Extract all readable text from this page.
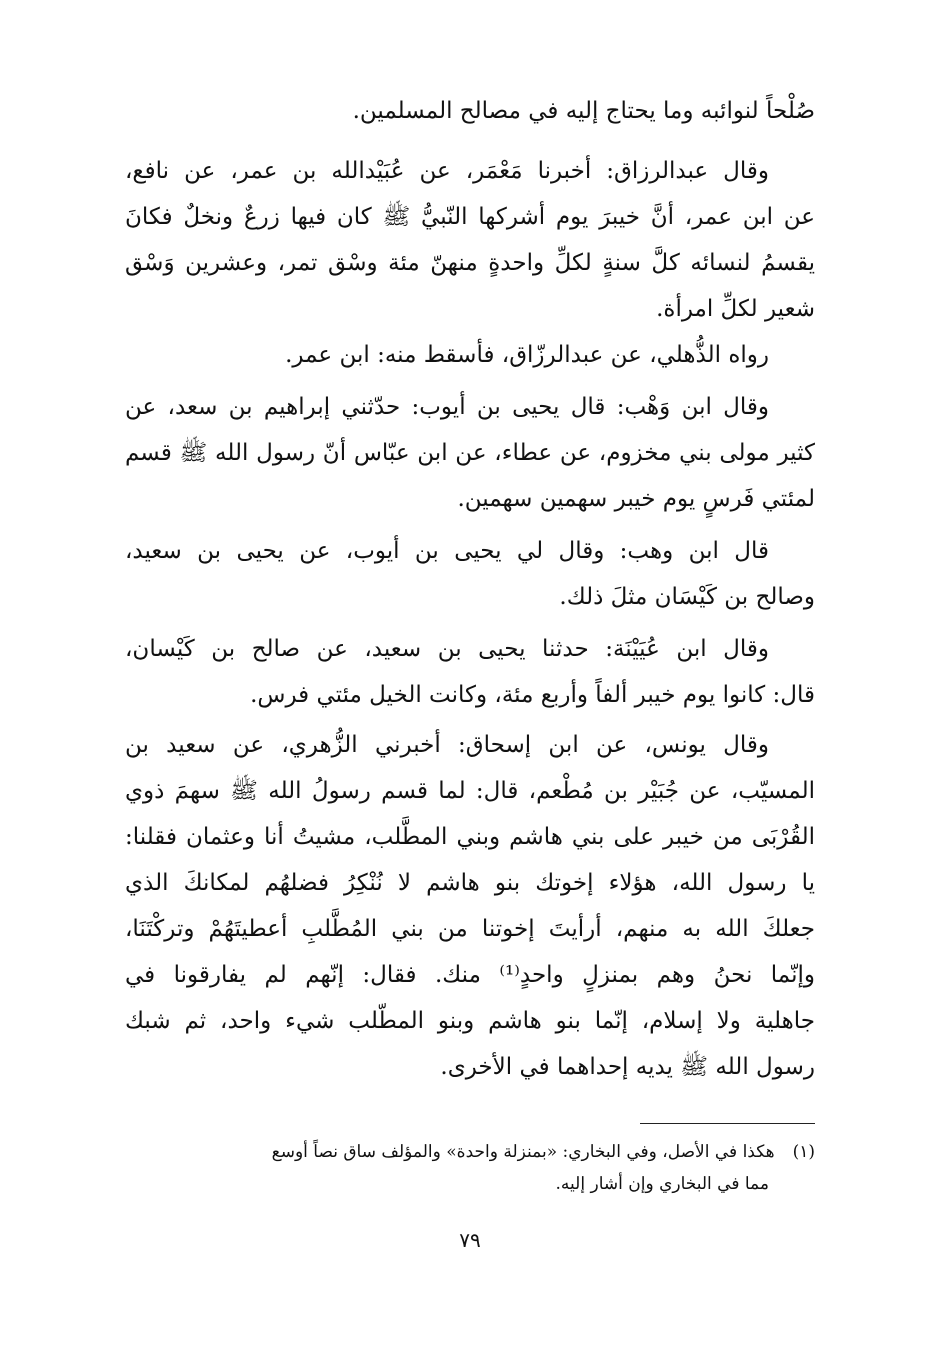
صُلْحاً لنوائبه وما يحتاج إليه في مصالح المسلمين.
وقال عبدالرزاق: أخبرنا مَعْمَر، عن عُبَيْدالله بن عمر، عن نافع،
عن ابن عمر، أنَّ خيبرَ يوم أشركها النّبيُّ ﷺ كان فيها زرعٌ ونخلٌ فكانَ
يقسمُ لنسائه كلَّ سنةٍ لكلِّ واحدةٍ منهنّ مئة وسْق تمر، وعشرين وَسْق
شعير لكلِّ امرأة.
رواه الذُّهلي، عن عبدالرزّاق، فأسقط منه: ابن عمر.
وقال ابن وَهْب: قال يحيى بن أيوب: حدّثني إبراهيم بن سعد، عن
كثير مولى بني مخزوم، عن عطاء، عن ابن عبّاس أنّ رسول الله ﷺ قسم
لمئتي فَرسٍ يوم خيبر سهمين سهمين.
قال ابن وهب: وقال لي يحيى بن أيوب، عن يحيى بن سعيد،
وصالح بن كَيْسَان مثلَ ذلك.
وقال ابن عُيَيْنَة: حدثنا يحيى بن سعيد، عن صالح بن كَيْسان،
قال: كانوا يوم خيبر ألفاً وأربع مئة، وكانت الخيل مئتي فرس.
وقال يونس، عن ابن إسحاق: أخبرني الزُّهري، عن سعيد بن
المسيّب، عن جُبَيْر بن مُطْعم، قال: لما قسم رسولُ الله ﷺ سهمَ ذوي
القُرْبَى من خيبر على بني هاشم وبني المطَّلب، مشيتُ أنا وعثمان فقلنا:
يا رسول الله، هؤلاء إخوتك بنو هاشم لا نُنْكِرُ فضلهُم لمكانكَ الذي
جعلكَ الله به منهم، أرأيتَ إخوتنا من بني المُطَّلبِ أعطيتَهُمْ وتركْتَنَا،
وإنّما نحنُ وهم بمنزلٍ واحدٍ⁽¹⁾ منك. فقال: إنّهم لم يفارقونا في
جاهلية ولا إسلام، إنّما بنو هاشم وبنو المطّلب شيء واحد، ثم شبك
رسول الله ﷺ يديه إحداهما في الأخرى.
(١)هكذا في الأصل، وفي البخاري: «بمنزلة واحدة» والمؤلف ساق نصاً أوسع
مما في البخاري وإن أشار إليه.
٧٩
